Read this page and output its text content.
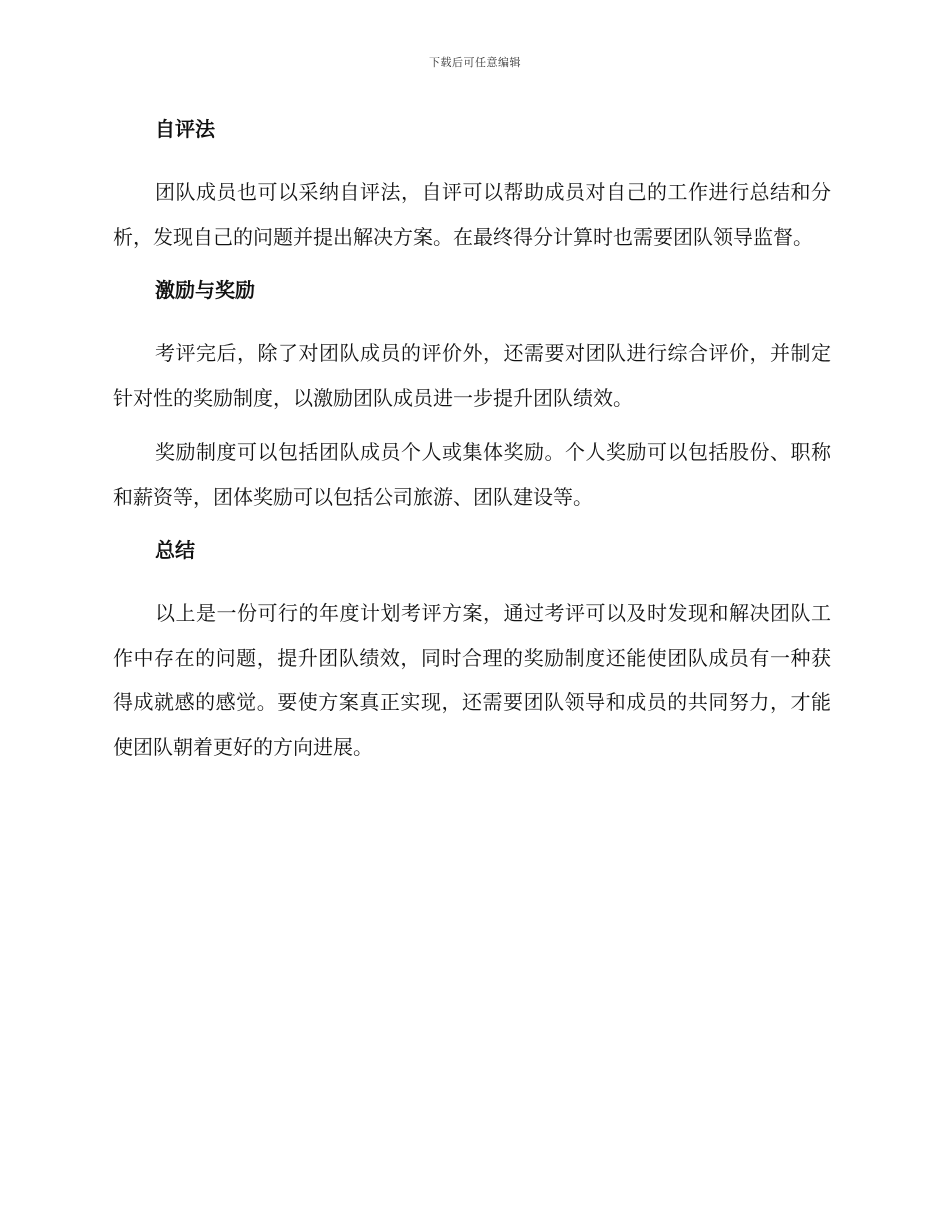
下载后可任意编辑
自评法

团队成员也可以采纳自评法，自评可以帮助成员对自己的工作进行总结和分析，发现自己的问题并提出解决方案。在最终得分计算时也需要团队领导监督。

激励与奖励

考评完后，除了对团队成员的评价外，还需要对团队进行综合评价，并制定针对性的奖励制度，以激励团队成员进一步提升团队绩效。

奖励制度可以包括团队成员个人或集体奖励。个人奖励可以包括股份、职称和薪资等，团体奖励可以包括公司旅游、团队建设等。

总结

以上是一份可行的年度计划考评方案，通过考评可以及时发现和解决团队工作中存在的问题，提升团队绩效，同时合理的奖励制度还能使团队成员有一种获得成就感的感觉。要使方案真正实现，还需要团队领导和成员的共同努力，才能使团队朝着更好的方向进展。
